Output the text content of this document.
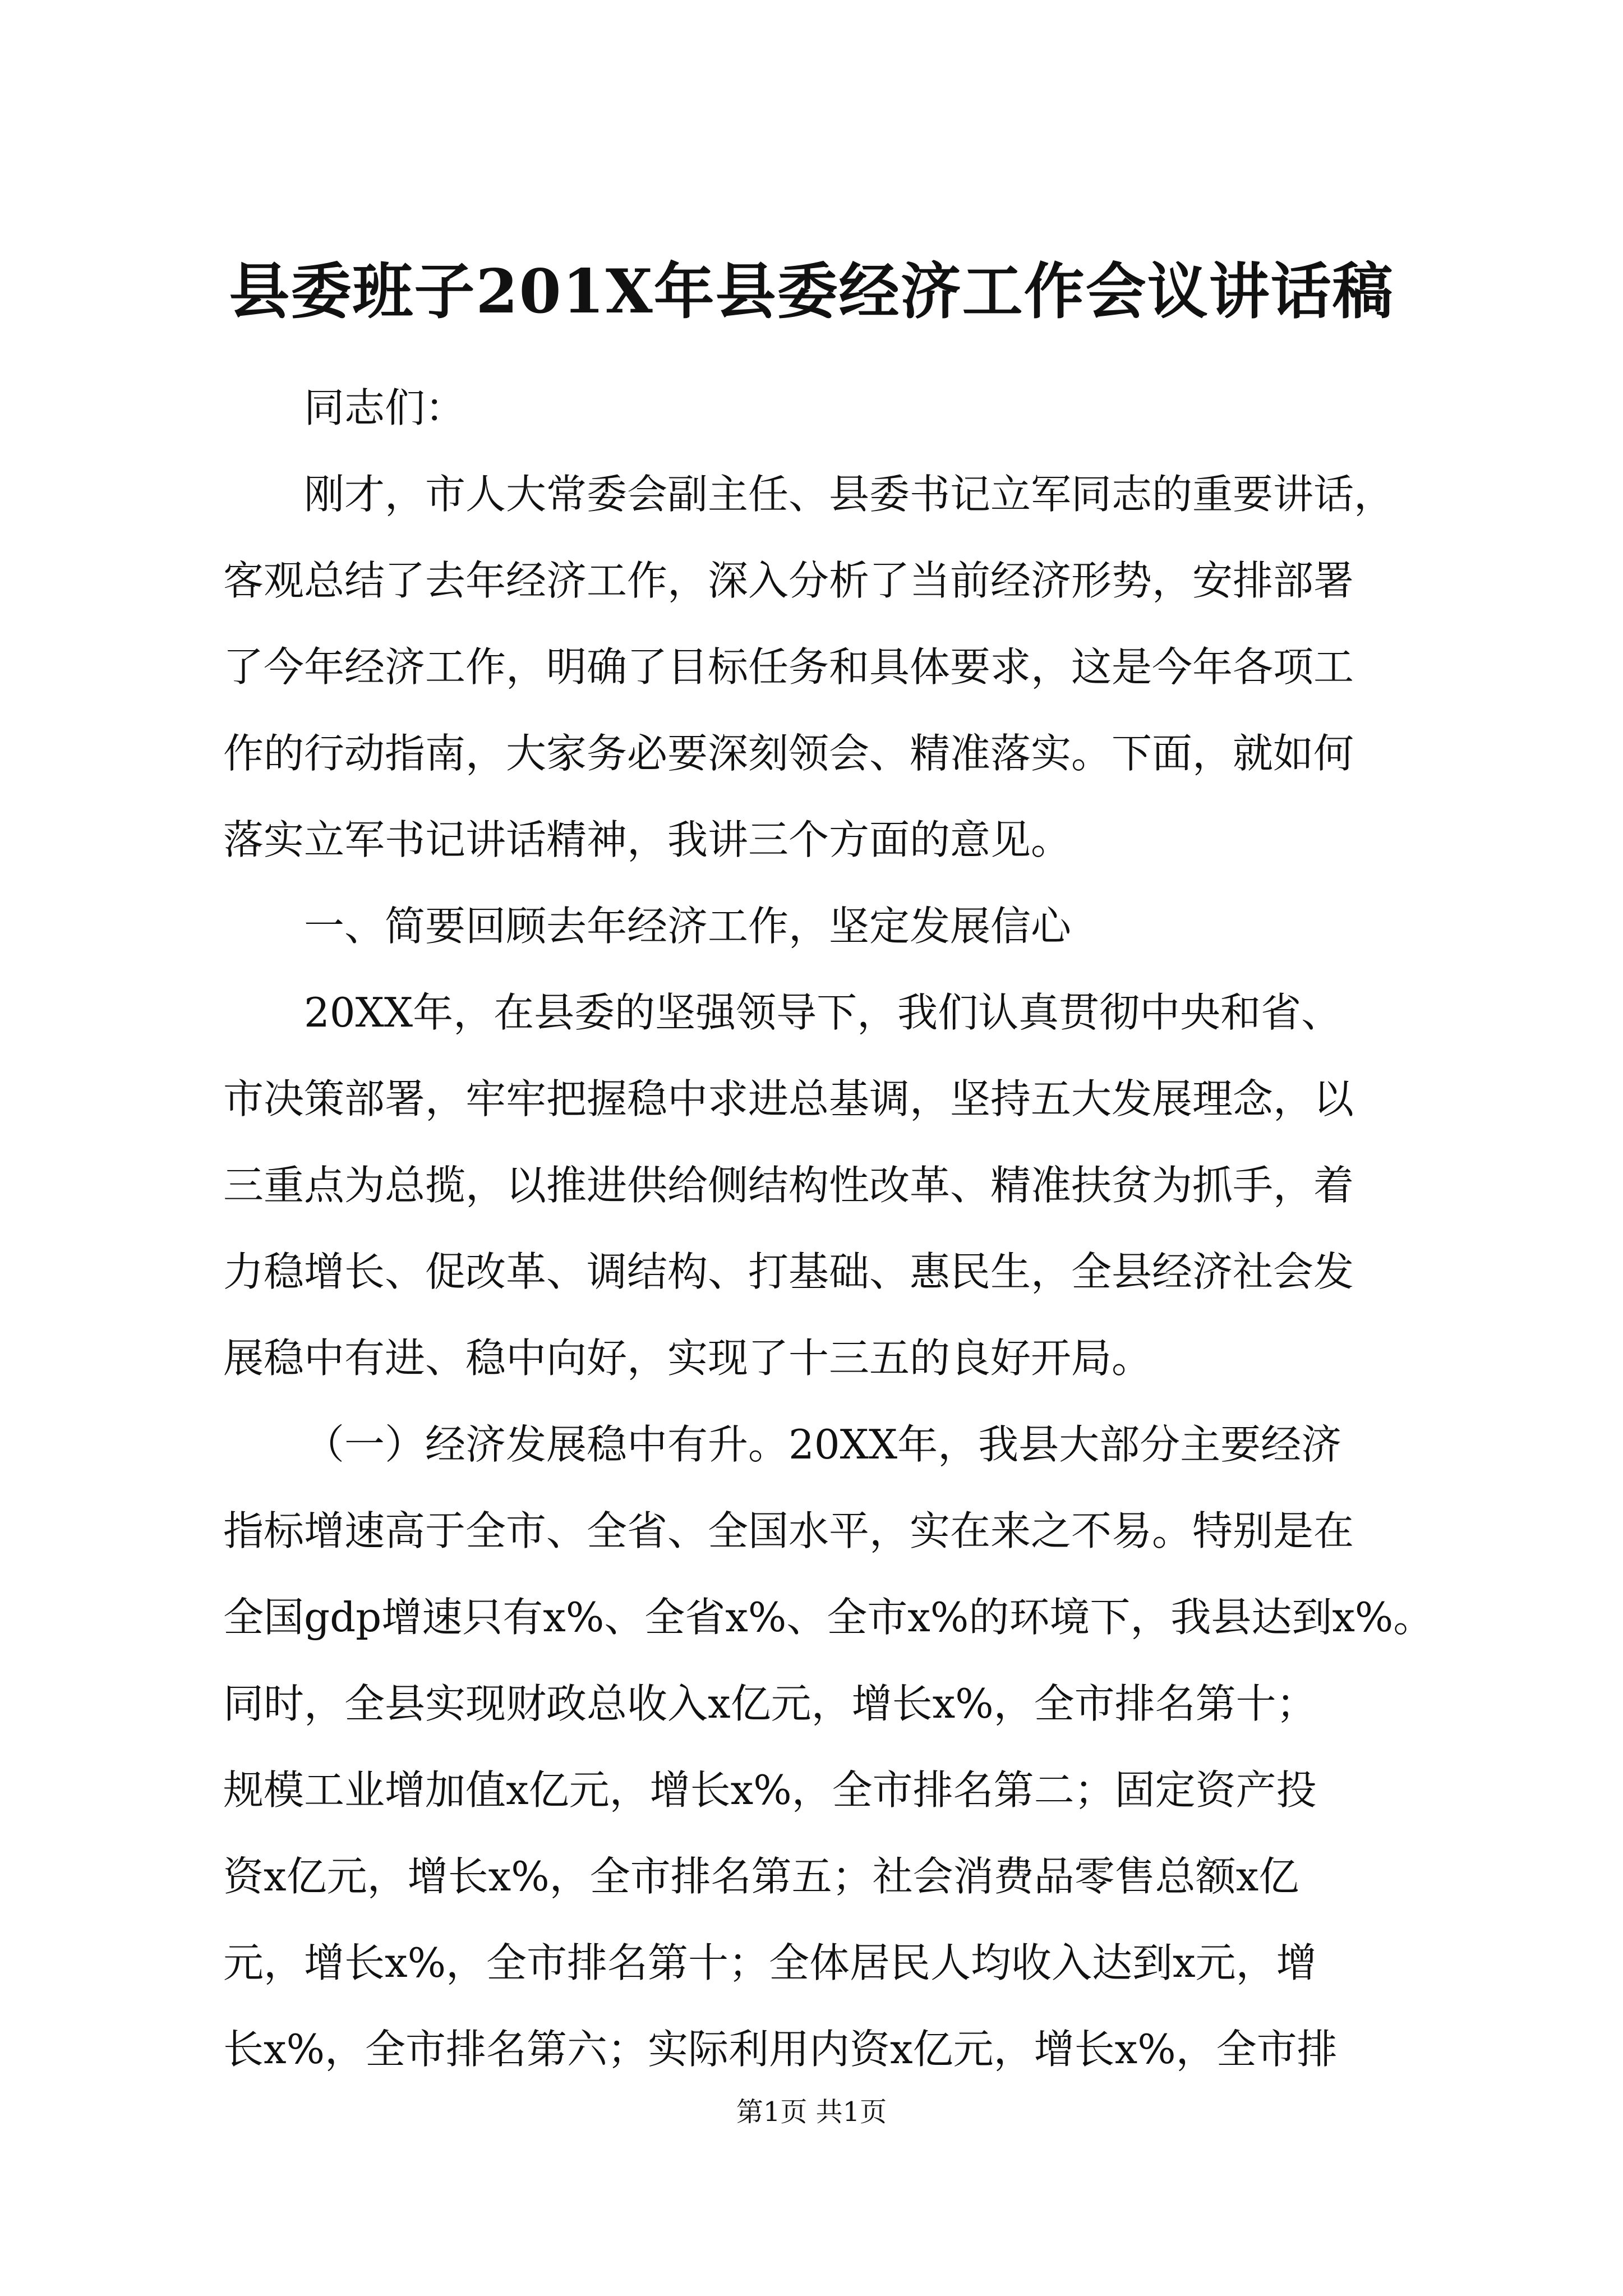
县委班子201X年县委经济工作会议讲话稿
同志们：
刚才，市人大常委会副主任、县委书记立军同志的重要讲话，
客观总结了去年经济工作，深入分析了当前经济形势，安排部署
了今年经济工作，明确了目标任务和具体要求，这是今年各项工
作的行动指南，大家务必要深刻领会、精准落实。下面，就如何
落实立军书记讲话精神，我讲三个方面的意见。
一、简要回顾去年经济工作，坚定发展信心
20XX年，在县委的坚强领导下，我们认真贯彻中央和省、
市决策部署，牢牢把握稳中求进总基调，坚持五大发展理念，以
三重点为总揽，以推进供给侧结构性改革、精准扶贫为抓手，着
力稳增长、促改革、调结构、打基础、惠民生，全县经济社会发
展稳中有进、稳中向好，实现了十三五的良好开局。
（一）经济发展稳中有升。20XX年，我县大部分主要经济
指标增速高于全市、全省、全国水平，实在来之不易。特别是在
全国gdp增速只有x%、全省x%、全市x%的环境下，我县达到x%。
同时，全县实现财政总收入x亿元，增长x%，全市排名第十；
规模工业增加值x亿元，增长x%，全市排名第二；固定资产投
资x亿元，增长x%，全市排名第五；社会消费品零售总额x亿
元，增长x%，全市排名第十；全体居民人均收入达到x元，增
长x%，全市排名第六；实际利用内资x亿元，增长x%，全市排
第1页 共1页
